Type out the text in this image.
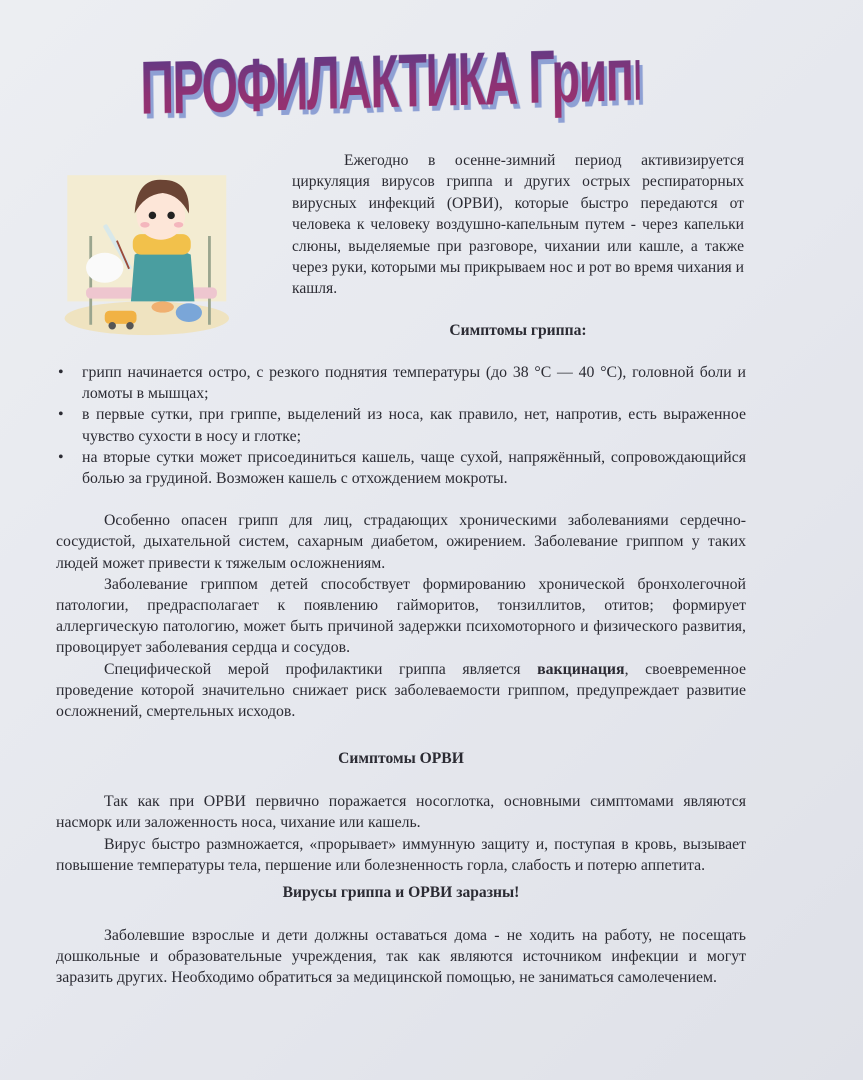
ПРОФИЛАКТИКА Гриппа и ОРВИ

Ежегодно в осенне-зимний период активизируется циркуляция вирусов гриппа и других острых респираторных вирусных инфекций (ОРВИ), которые быстро передаются от человека к человеку воздушно-капельным путем - через капельки слюны, выделяемые при разговоре, чихании или кашле, а также через руки, которыми мы прикрываем нос и рот во время чихания и кашля.

Симптомы гриппа:

• грипп начинается остро, с резкого поднятия температуры (до 38 °С — 40 °С), головной боли и ломоты в мышцах;
• в первые сутки, при гриппе, выделений из носа, как правило, нет, напротив, есть выраженное чувство сухости в носу и глотке;
• на вторые сутки может присоединиться кашель, чаще сухой, напряжённый, сопровождающийся болью за грудиной. Возможен кашель с отхождением мокроты.

Особенно опасен грипп для лиц, страдающих хроническими заболеваниями сердечно-сосудистой, дыхательной систем, сахарным диабетом, ожирением. Заболевание гриппом у таких людей может привести к тяжелым осложнениям.

Заболевание гриппом детей способствует формированию хронической бронхолегочной патологии, предрасполагает к появлению гайморитов, тонзиллитов, отитов; формирует аллергическую патологию, может быть причиной задержки психомоторного и физического развития, провоцирует заболевания сердца и сосудов.

Специфической мерой профилактики гриппа является вакцинация, своевременное проведение которой значительно снижает риск заболеваемости гриппом, предупреждает развитие осложнений, смертельных исходов.

Симптомы ОРВИ

Так как при ОРВИ первично поражается носоглотка, основными симптомами являются насморк или заложенность носа, чихание или кашель.

Вирус быстро размножается, «прорывает» иммунную защиту и, поступая в кровь, вызывает повышение температуры тела, першение или болезненность горла, слабость и потерю аппетита.

Вирусы гриппа и ОРВИ заразны!

Заболевшие взрослые и дети должны оставаться дома - не ходить на работу, не посещать дошкольные и образовательные учреждения, так как являются источником инфекции и могут заразить других. Необходимо обратиться за медицинской помощью, не заниматься самолечением.
